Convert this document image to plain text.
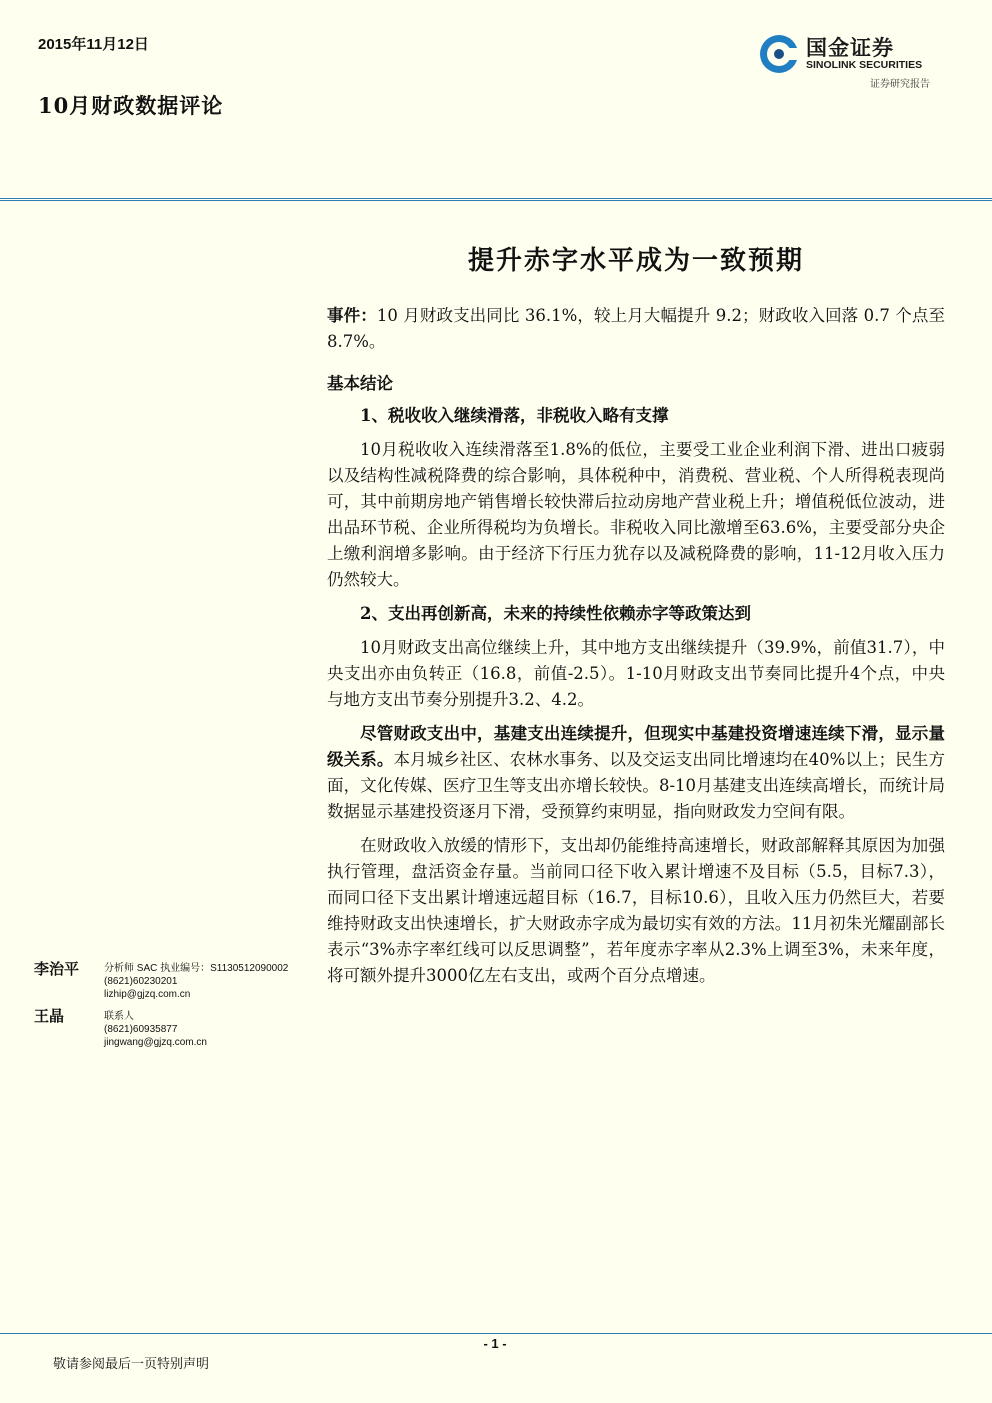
2015年11月12日
10月财政数据评论
国金证券
SINOLINK SECURITIES
证券研究报告
提升赤字水平成为一致预期

事件：10 月财政支出同比 36.1%，较上月大幅提升 9.2；财政收入回落 0.7 个点至 8.7%。

基本结论

1、税收收入继续滑落，非税收入略有支撑

10月税收收入连续滑落至1.8%的低位，主要受工业企业利润下滑、进出口疲弱以及结构性减税降费的综合影响，具体税种中，消费税、营业税、个人所得税表现尚可，其中前期房地产销售增长较快滞后拉动房地产营业税上升；增值税低位波动，进出品环节税、企业所得税均为负增长。非税收入同比激增至63.6%，主要受部分央企上缴利润增多影响。由于经济下行压力犹存以及减税降费的影响，11-12月收入压力仍然较大。

2、支出再创新高，未来的持续性依赖赤字等政策达到

10月财政支出高位继续上升，其中地方支出继续提升（39.9%，前值31.7），中央支出亦由负转正（16.8，前值-2.5）。1-10月财政支出节奏同比提升4个点，中央与地方支出节奏分别提升3.2、4.2。

尽管财政支出中，基建支出连续提升，但现实中基建投资增速连续下滑，显示量级关系。本月城乡社区、农林水事务、以及交运支出同比增速均在40%以上；民生方面，文化传媒、医疗卫生等支出亦增长较快。8-10月基建支出连续高增长，而统计局数据显示基建投资逐月下滑，受预算约束明显，指向财政发力空间有限。

在财政收入放缓的情形下，支出却仍能维持高速增长，财政部解释其原因为加强执行管理，盘活资金存量。当前同口径下收入累计增速不及目标（5.5，目标7.3），而同口径下支出累计增速远超目标（16.7，目标10.6），且收入压力仍然巨大，若要维持财政支出快速增长，扩大财政赤字成为最切实有效的方法。11月初朱光耀副部长表示“3%赤字率红线可以反思调整”，若年度赤字率从2.3%上调至3%，未来年度，将可额外提升3000亿左右支出，或两个百分点增速。

李治平 分析师 SAC 执业编号：S1130512090002
(8621)60230201
lizhip@gjzq.com.cn
王晶	联系人
(8621)60935877
jingwang@gjzq.com.cn
- 1 -
敬请参阅最后一页特别声明
